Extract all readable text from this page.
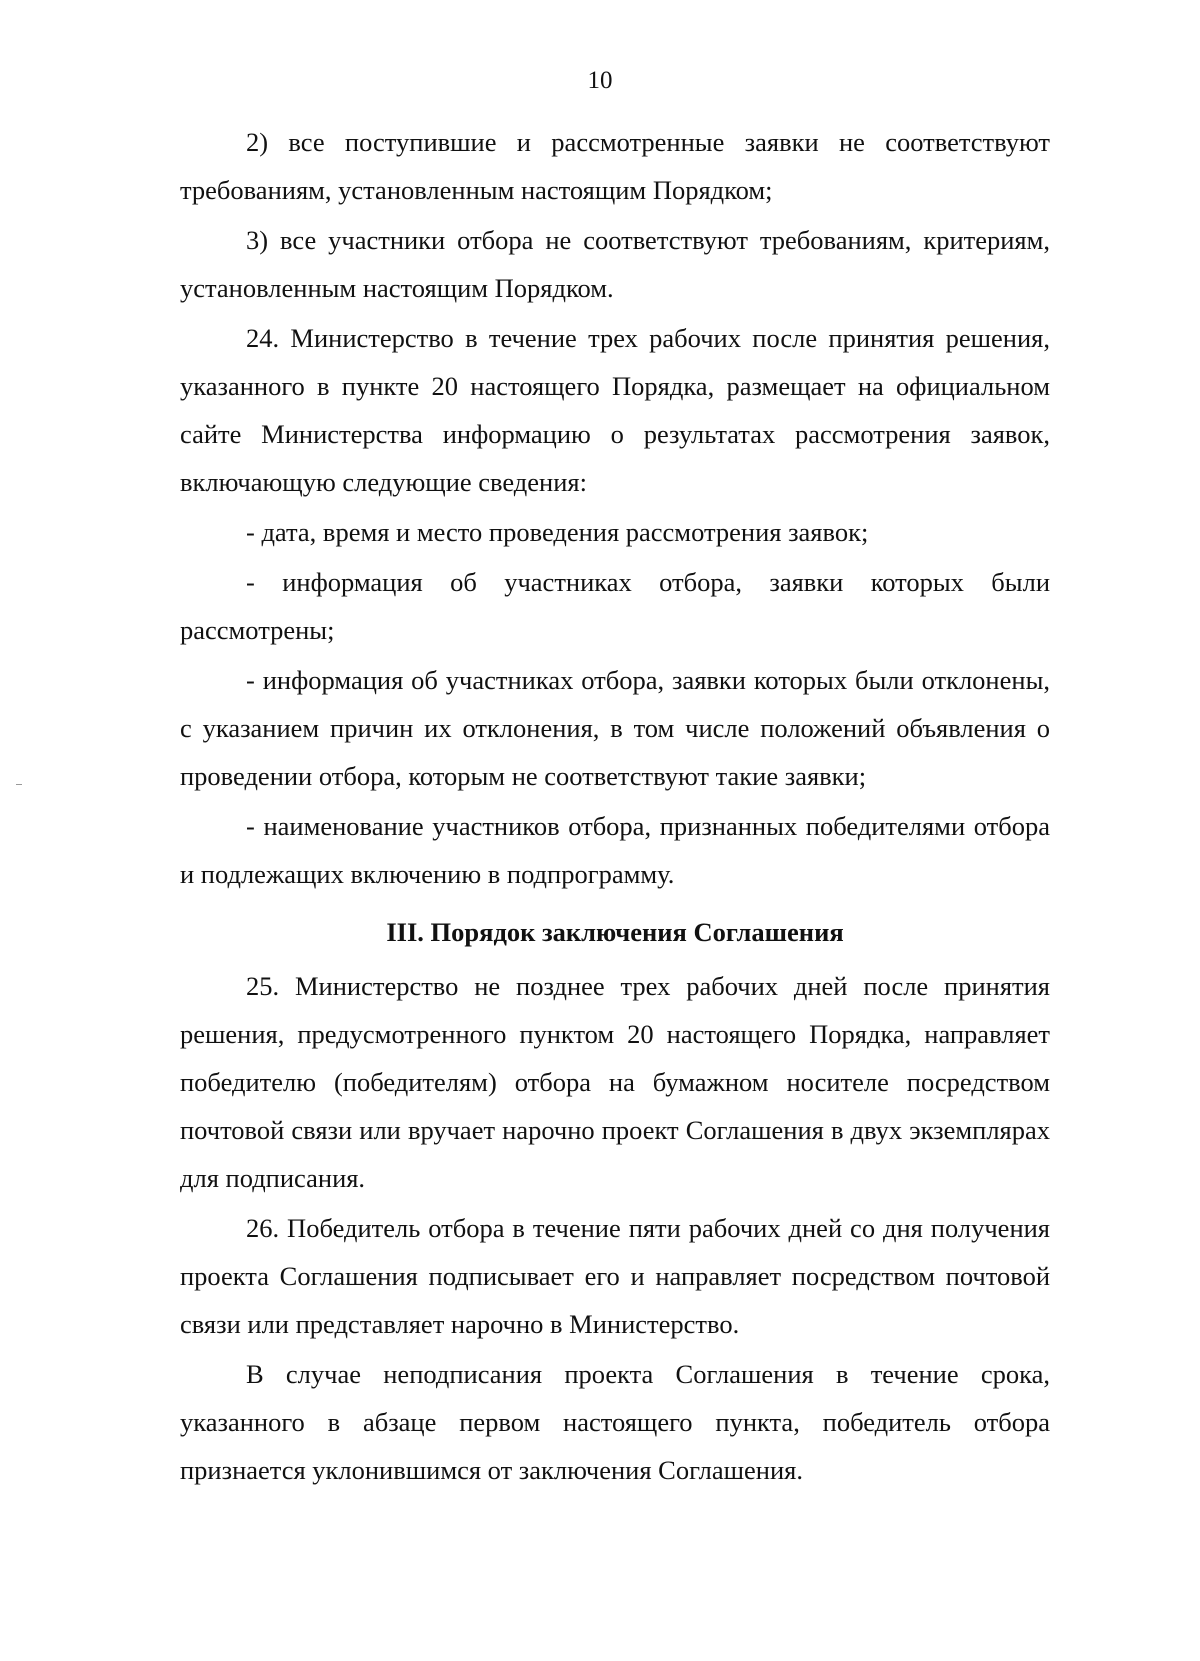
10

2) все поступившие и рассмотренные заявки не соответствуют требованиям, установленным настоящим Порядком;

3) все участники отбора не соответствуют требованиям, критериям, установленным настоящим Порядком.

24. Министерство в течение трех рабочих после принятия решения, указанного в пункте 20 настоящего Порядка, размещает на официальном сайте Министерства информацию о результатах рассмотрения заявок, включающую следующие сведения:

- дата, время и место проведения рассмотрения заявок;

- информация об участниках отбора, заявки которых были рассмотрены;

- информация об участниках отбора, заявки которых были отклонены, с указанием причин их отклонения, в том числе положений объявления о проведении отбора, которым не соответствуют такие заявки;

- наименование участников отбора, признанных победителями отбора и подлежащих включению в подпрограмму.

III. Порядок заключения Соглашения

25. Министерство не позднее трех рабочих дней после принятия решения, предусмотренного пунктом 20 настоящего Порядка, направляет победителю (победителям) отбора на бумажном носителе посредством почтовой связи или вручает нарочно проект Соглашения в двух экземплярах для подписания.

26. Победитель отбора в течение пяти рабочих дней со дня получения проекта Соглашения подписывает его и направляет посредством почтовой связи или представляет нарочно в Министерство.

В случае неподписания проекта Соглашения в течение срока, указанного в абзаце первом настоящего пункта, победитель отбора признается уклонившимся от заключения Соглашения.
